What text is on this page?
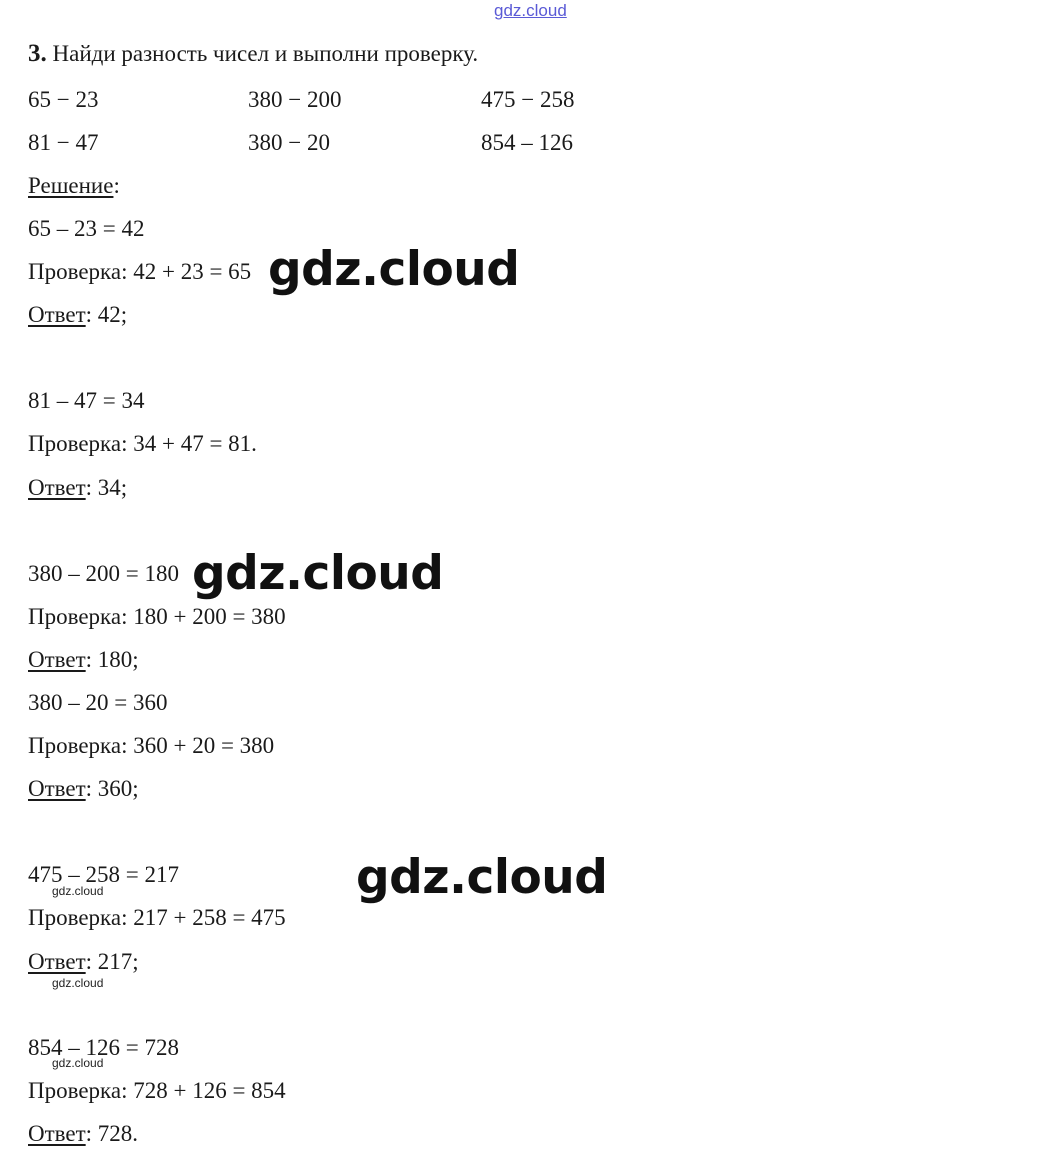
gdz.cloud
3. Найди разность чисел и выполни проверку.
65 − 23	380 − 200	475 − 258
81 − 47	380 − 20	854 – 126
Решение:
65 – 23 = 42
Проверка: 42 + 23 = 65
Ответ: 42;
81 – 47 = 34
Проверка: 34 + 47 = 81.
Ответ: 34;
380 – 200 = 180
Проверка: 180 + 200 = 380
Ответ: 180;
380 – 20 = 360
Проверка: 360 + 20 = 380
Ответ: 360;
475 – 258 = 217
Проверка: 217 + 258 = 475
Ответ: 217;
854 – 126 = 728
Проверка: 728 + 126 = 854
Ответ: 728.
gdz.cloud
gdz.cloud
gdz.cloud
gdz.cloud
gdz.cloud
gdz.cloud
